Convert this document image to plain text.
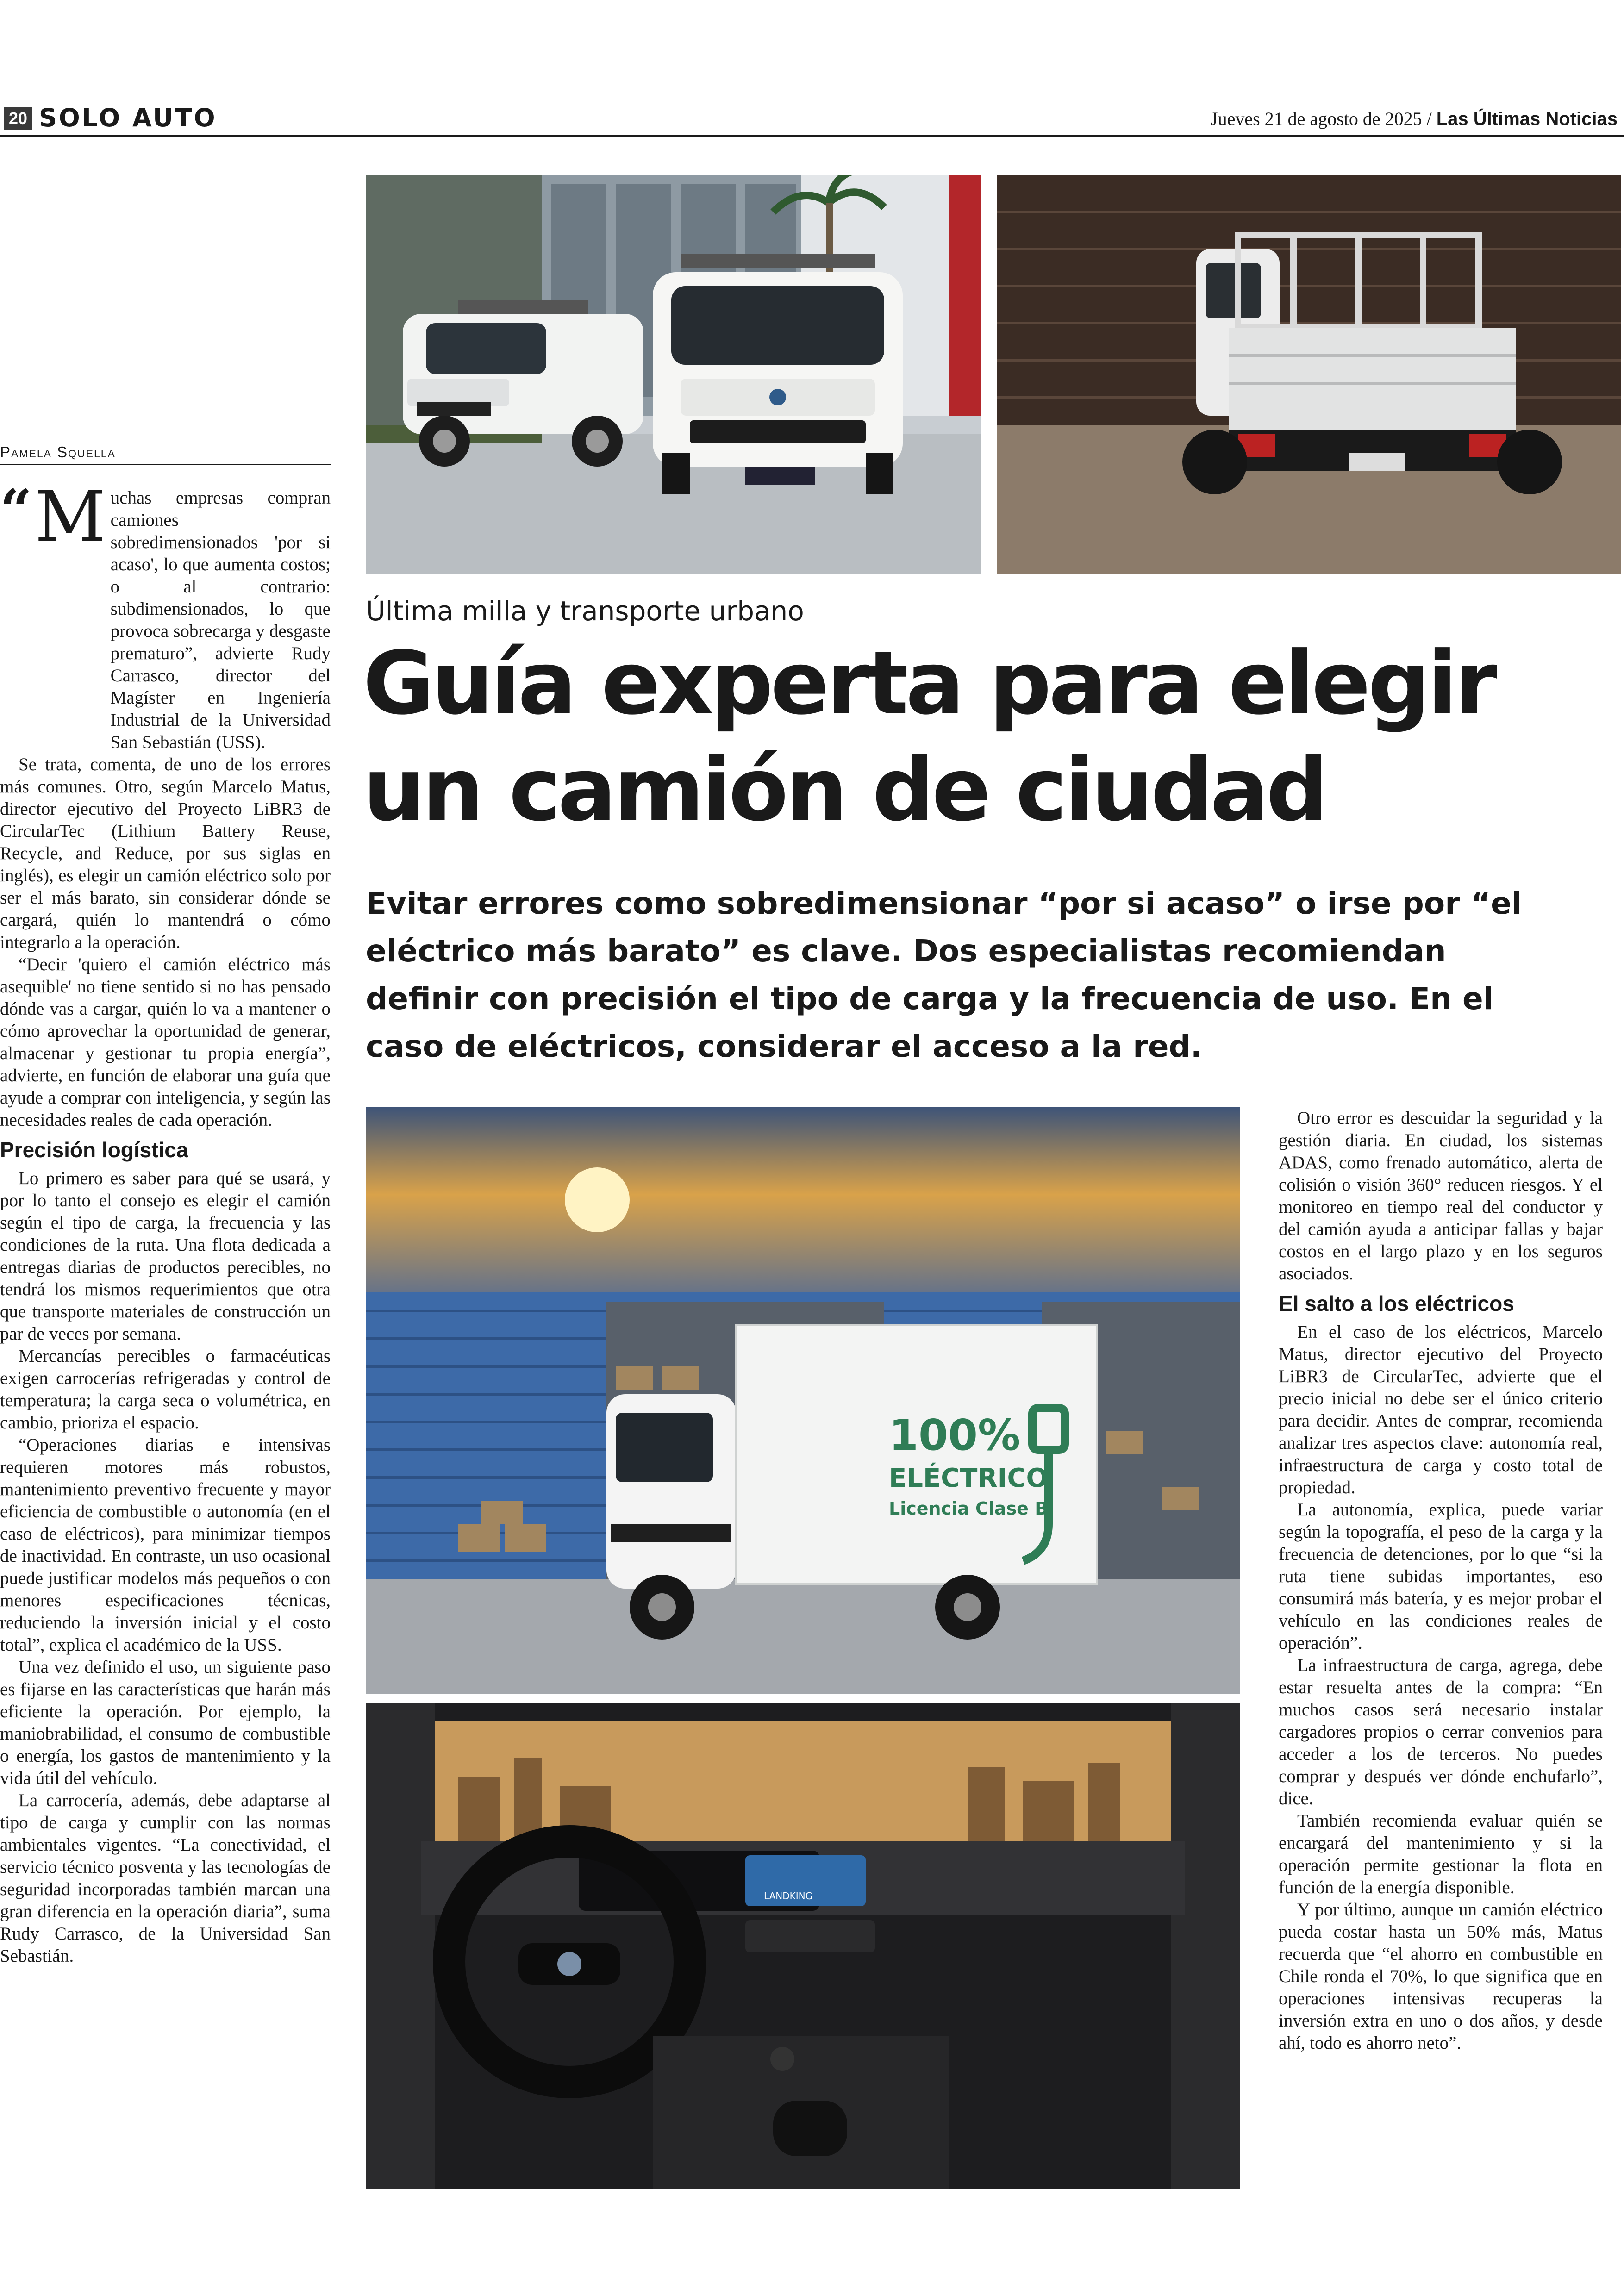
20 SOLO AUTO	Jueves 21 de agosto de 2025 / Las Últimas Noticias
Pamela Squella
“ M uchas empresas compran camiones sobredimensionados 'por si acaso', lo que aumenta costos; o al contrario: subdimensionados, lo que provoca sobrecarga y desgaste prematuro”, advierte Rudy Carrasco, director del Magíster en Ingeniería Industrial de la Universidad San Sebastián (USS).

Se trata, comenta, de uno de los errores más comunes. Otro, según Marcelo Matus, director ejecutivo del Proyecto LiBR3 de CircularTec (Lithium Battery Reuse, Recycle, and Reduce, por sus siglas en inglés), es elegir un camión eléctrico solo por ser el más barato, sin considerar dónde se cargará, quién lo mantendrá o cómo integrarlo a la operación.

“Decir 'quiero el camión eléctrico más asequible' no tiene sentido si no has pensado dónde vas a cargar, quién lo va a mantener o cómo aprovechar la oportunidad de generar, almacenar y gestionar tu propia energía”, advierte, en función de elaborar una guía que ayude a comprar con inteligencia, y según las necesidades reales de cada operación.

Precisión logística

Lo primero es saber para qué se usará, y por lo tanto el consejo es elegir el camión según el tipo de carga, la frecuencia y las condiciones de la ruta. Una flota dedicada a entregas diarias de productos perecibles, no tendrá los mismos requerimientos que otra que transporte materiales de construcción un par de veces por semana.

Mercancías perecibles o farmacéuticas exigen carrocerías refrigeradas y control de temperatura; la carga seca o volumétrica, en cambio, prioriza el espacio.

“Operaciones diarias e intensivas requieren motores más robustos, mantenimiento preventivo frecuente y mayor eficiencia de combustible o autonomía (en el caso de eléctricos), para minimizar tiempos de inactividad. En contraste, un uso ocasional puede justificar modelos más pequeños o con menores especificaciones técnicas, reduciendo la inversión inicial y el costo total”, explica el académico de la USS.

Una vez definido el uso, un siguiente paso es fijarse en las características que harán más eficiente la operación. Por ejemplo, la maniobrabilidad, el consumo de combustible o energía, los gastos de mantenimiento y la vida útil del vehículo.

La carrocería, además, debe adaptarse al tipo de carga y cumplir con las normas ambientales vigentes. “La conectividad, el servicio técnico posventa y las tecnologías de seguridad incorporadas también marcan una gran diferencia en la operación diaria”, suma Rudy Carrasco, de la Universidad San Sebastián.

Última milla y transporte urbano
Guía experta para elegir un camión de ciudad

Evitar errores como sobredimensionar “por si acaso” o irse por “el eléctrico más barato” es clave. Dos especialistas recomiendan definir con precisión el tipo de carga y la frecuencia de uso. En el caso de eléctricos, considerar el acceso a la red.

100%
ELÉCTRICO
Licencia Clase B
LANDKING

Otro error es descuidar la seguridad y la gestión diaria. En ciudad, los sistemas ADAS, como frenado automático, alerta de colisión o visión 360° reducen riesgos. Y el monitoreo en tiempo real del conductor y del camión ayuda a anticipar fallas y bajar costos en el largo plazo y en los seguros asociados.

El salto a los eléctricos

En el caso de los eléctricos, Marcelo Matus, director ejecutivo del Proyecto LiBR3 de CircularTec, advierte que el precio inicial no debe ser el único criterio para decidir. Antes de comprar, recomienda analizar tres aspectos clave: autonomía real, infraestructura de carga y costo total de propiedad.

La autonomía, explica, puede variar según la topografía, el peso de la carga y la frecuencia de detenciones, por lo que “si la ruta tiene subidas importantes, eso consumirá más batería, y es mejor probar el vehículo en las condiciones reales de operación”.

La infraestructura de carga, agrega, debe estar resuelta antes de la compra: “En muchos casos será necesario instalar cargadores propios o cerrar convenios para acceder a los de terceros. No puedes comprar y después ver dónde enchufarlo”, dice.

También recomienda evaluar quién se encargará del mantenimiento y si la operación permite gestionar la flota en función de la energía disponible.

Y por último, aunque un camión eléctrico pueda costar hasta un 50% más, Matus recuerda que “el ahorro en combustible en Chile ronda el 70%, lo que significa que en operaciones intensivas recuperas la inversión extra en uno o dos años, y desde ahí, todo es ahorro neto”.
